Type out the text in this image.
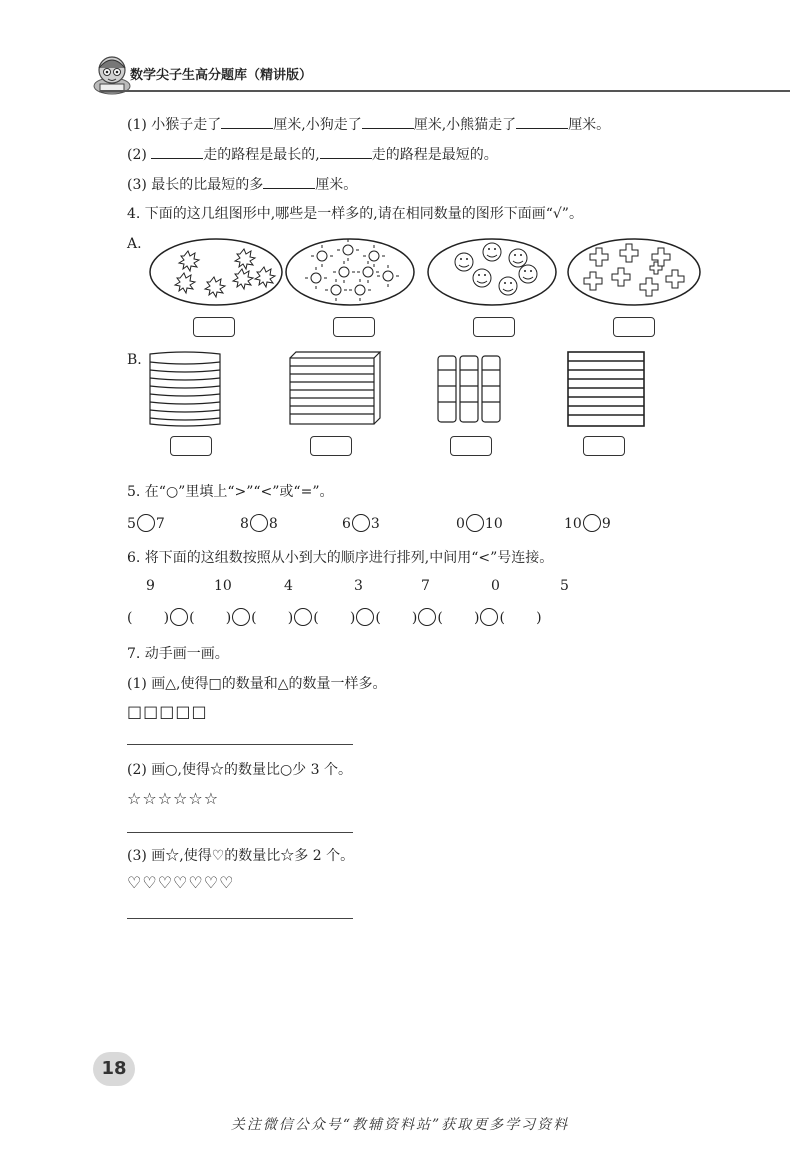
数学尖子生高分题库（精讲版）
(1) 小猴子走了	厘米,小狗走了	厘米,小熊猫走了	厘米。
(2)	走的路程是最长的,	走的路程是最短的。
(3) 最长的比最短的多	厘米。
4. 下面的这几组图形中,哪些是一样多的,请在相同数量的图形下面画“√”。
A.
B.
5. 在“○”里填上“>”“<”或“=”。
5 7	8 8	6 3	0 10	10 9
6. 将下面的这组数按照从小到大的顺序进行排列,中间用“<”号连接。
9	10	4	3	7	0	5
(       ) (       ) (       ) (       ) (       ) (       ) (       )
7. 动手画一画。
(1) 画△,使得□的数量和△的数量一样多。
□□□□□
(2) 画○,使得☆的数量比○少 3 个。
☆☆☆☆☆☆
(3) 画☆,使得♡的数量比☆多 2 个。
♡♡♡♡♡♡♡
18
关注微信公众号“教辅资料站”获取更多学习资料
